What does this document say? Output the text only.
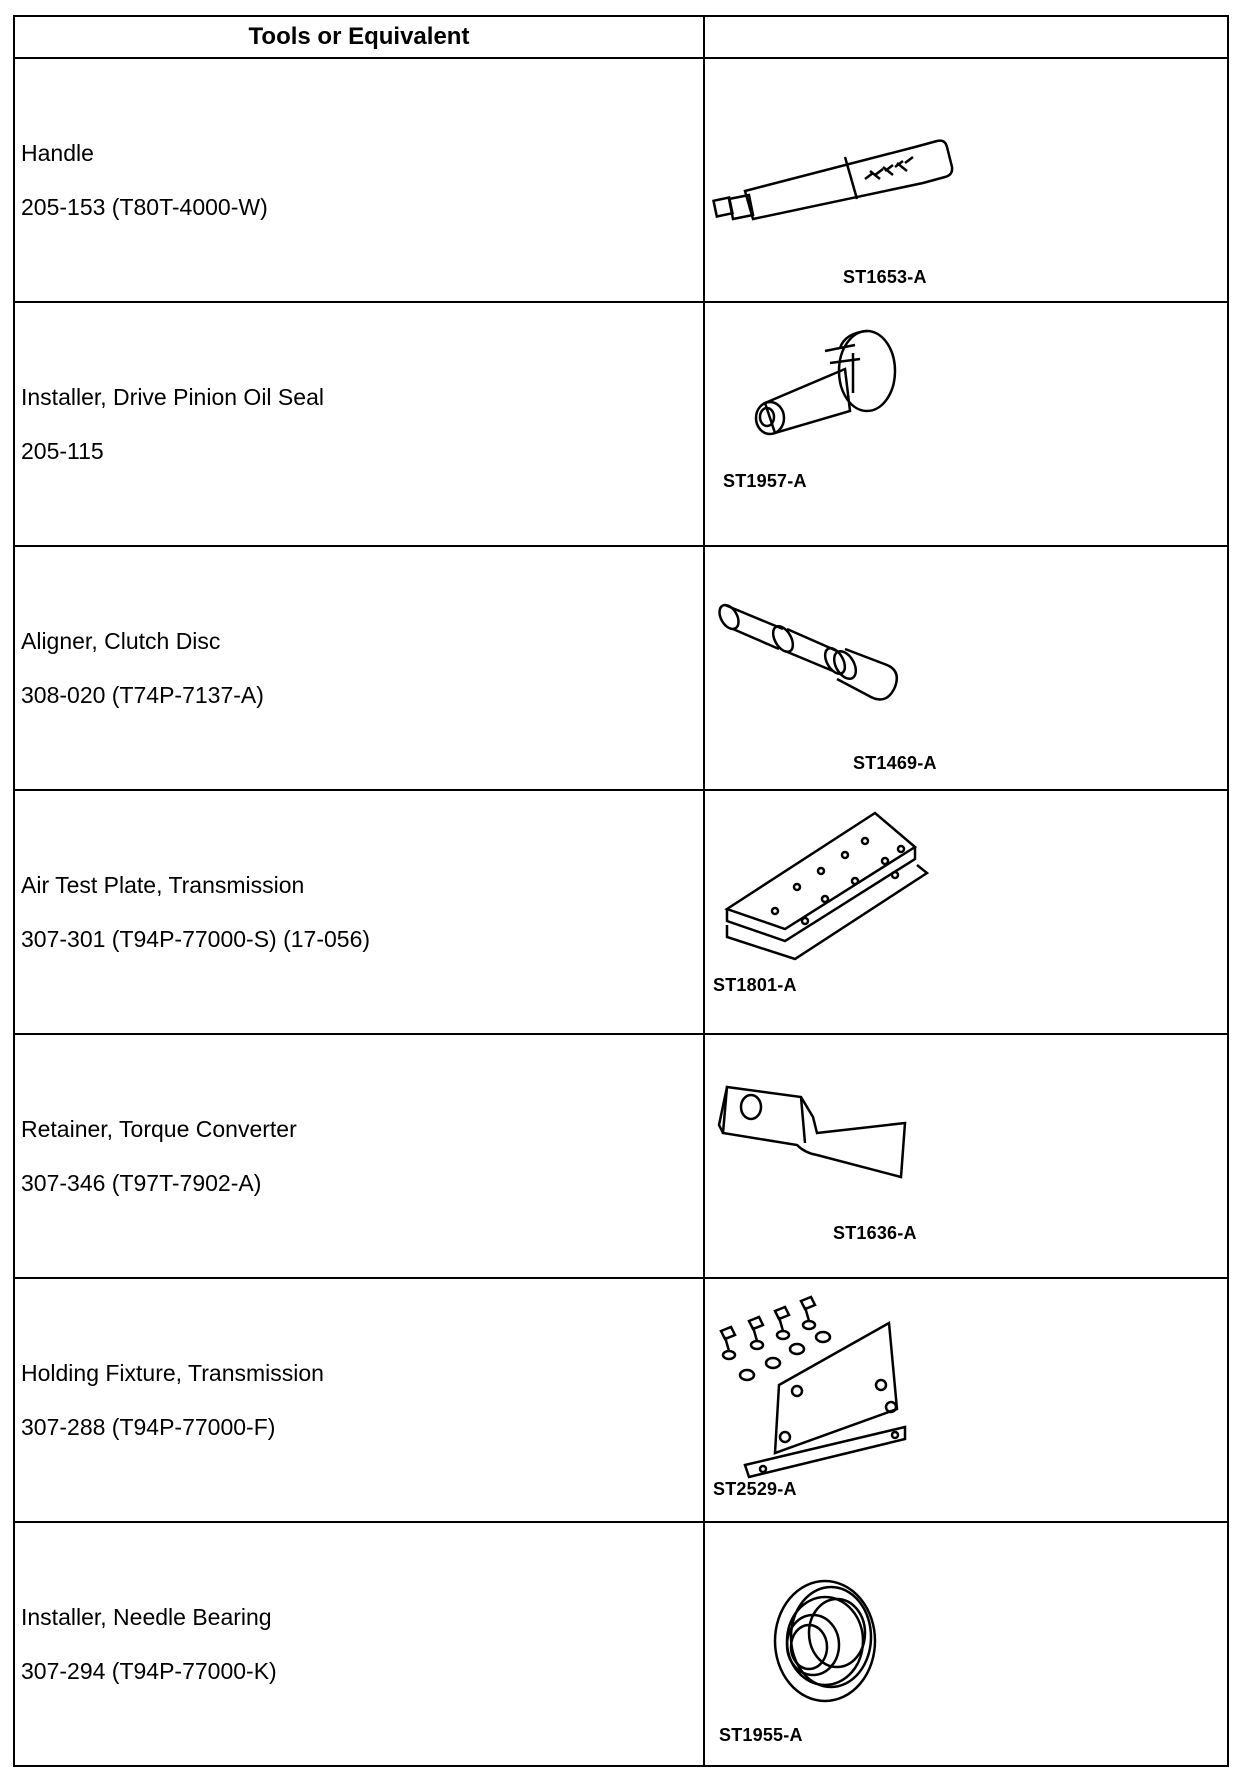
Tools or Equivalent	

Handle
205-153 (T80T-4000-W)	ST1653-A

Installer, Drive Pinion Oil Seal
205-115	ST1957-A

Aligner, Clutch Disc
308-020 (T74P-7137-A)	ST1469-A

Air Test Plate, Transmission
307-301 (T94P-77000-S) (17-056)	ST1801-A

Retainer, Torque Converter
307-346 (T97T-7902-A)	ST1636-A

Holding Fixture, Transmission
307-288 (T94P-77000-F)	ST2529-A

Installer, Needle Bearing
307-294 (T94P-77000-K)	ST1955-A
